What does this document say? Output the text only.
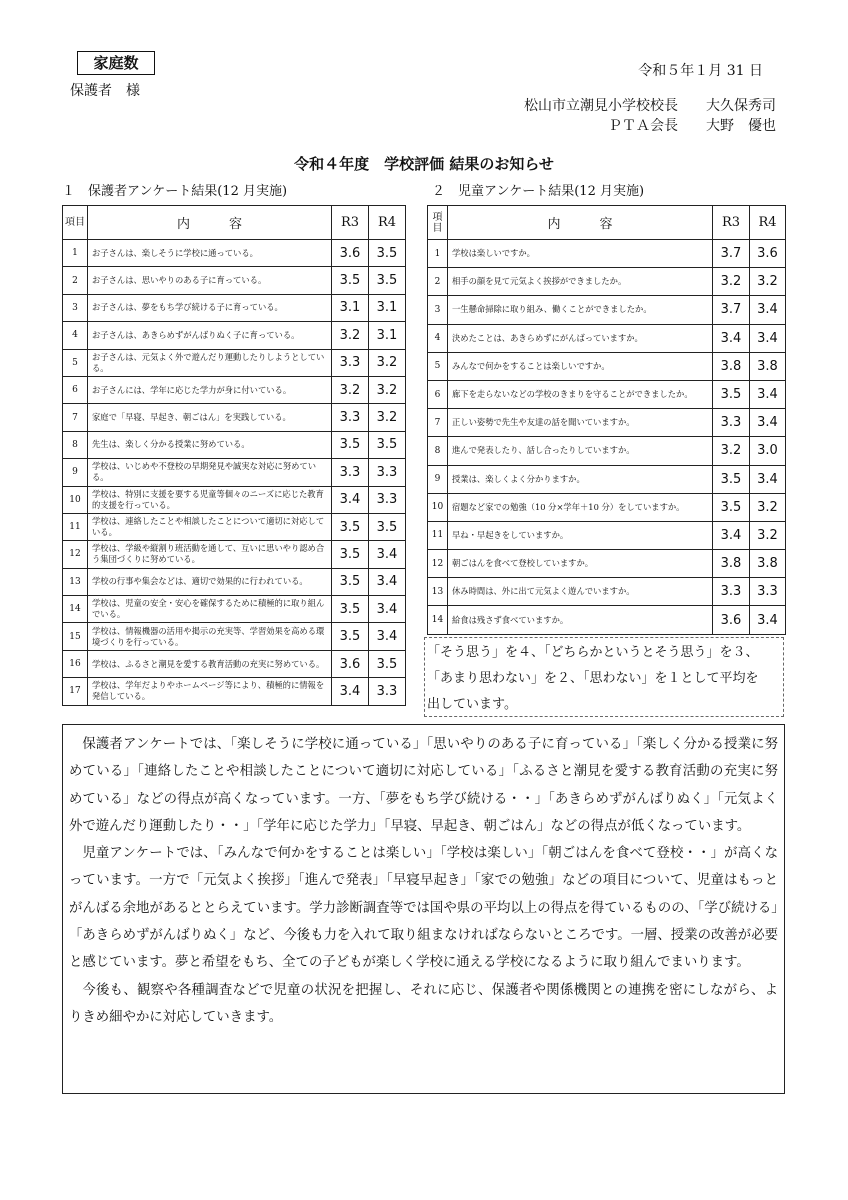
家庭数
保護者　様
令和５年１月 31 日
松山市立潮見小学校校長　　大久保秀司
ＰＴＡ会長　　大野　優也
令和４年度　学校評価 結果のお知らせ
１　保護者アンケート結果(12 月実施)	２　児童アンケート結果(12 月実施)
項目	内　　　容	R3	R4
1	お子さんは、楽しそうに学校に通っている。	3.6	3.5
2	お子さんは、思いやりのある子に育っている。	3.5	3.5
3	お子さんは、夢をもち学び続ける子に育っている。	3.1	3.1
4	お子さんは、あきらめずがんばりぬく子に育っている。	3.2	3.1
5	お子さんは、元気よく外で遊んだり運動したりしようとしている。	3.3	3.2
6	お子さんには、学年に応じた学力が身に付いている。	3.2	3.2
7	家庭で「早寝、早起き、朝ごはん」を実践している。	3.3	3.2
8	先生は、楽しく分かる授業に努めている。	3.5	3.5
9	学校は、いじめや不登校の早期発見や誠実な対応に努めている。	3.3	3.3
10	学校は、特別に支援を要する児童等個々のニーズに応じた教育的支援を行っている。	3.4	3.3
11	学校は、連絡したことや相談したことについて適切に対応している。	3.5	3.5
12	学校は、学級や縦割り班活動を通して、互いに思いやり認め合う集団づくりに努めている。	3.5	3.4
13	学校の行事や集会などは、適切で効果的に行われている。	3.5	3.4
14	学校は、児童の安全・安心を確保するために積極的に取り組んでいる。	3.5	3.4
15	学校は、情報機器の活用や掲示の充実等、学習効果を高める環境づくりを行っている。	3.5	3.4
16	学校は、ふるさと潮見を愛する教育活動の充実に努めている。	3.6	3.5
17	学校は、学年だよりやホームページ等により、積極的に情報を発信している。	3.4	3.3
項目	内　　　容	R3	R4
1	学校は楽しいですか。	3.7	3.6
2	相手の顔を見て元気よく挨拶ができましたか。	3.2	3.2
3	一生懸命掃除に取り組み、働くことができましたか。	3.7	3.4
4	決めたことは、あきらめずにがんばっていますか。	3.4	3.4
5	みんなで何かをすることは楽しいですか。	3.8	3.8
6	廊下を走らないなどの学校のきまりを守ることができましたか。	3.5	3.4
7	正しい姿勢で先生や友達の話を聞いていますか。	3.3	3.4
8	進んで発表したり、話し合ったりしていますか。	3.2	3.0
9	授業は、楽しくよく分かりますか。	3.5	3.4
10	宿題など家での勉強（10 分×学年＋10 分）をしていますか。	3.5	3.2
11	早ね・早起きをしていますか。	3.4	3.2
12	朝ごはんを食べて登校していますか。	3.8	3.8
13	休み時間は、外に出て元気よく遊んでいますか。	3.3	3.3
14	給食は残さず食べていますか。	3.6	3.4
「そう思う」を４、「どちらかというとそう思う」を３、
「あまり思わない」を２、「思わない」を１として平均を
出しています。

保護者アンケートでは、「楽しそうに学校に通っている」「思いやりのある子に育っている」「楽しく分かる授業に努めている」「連絡したことや相談したことについて適切に対応している」「ふるさと潮見を愛する教育活動の充実に努めている」などの得点が高くなっています。一方、「夢をもち学び続ける・・」「あきらめずがんばりぬく」「元気よく外で遊んだり運動したり・・」「学年に応じた学力」「早寝、早起き、朝ごはん」などの得点が低くなっています。

児童アンケートでは、「みんなで何かをすることは楽しい」「学校は楽しい」「朝ごはんを食べて登校・・」が高くなっています。一方で「元気よく挨拶」「進んで発表」「早寝早起き」「家での勉強」などの項目について、児童はもっとがんばる余地があるととらえています。学力診断調査等では国や県の平均以上の得点を得ているものの、「学び続ける」「あきらめずがんばりぬく」など、今後も力を入れて取り組まなければならないところです。一層、授業の改善が必要と感じています。夢と希望をもち、全ての子どもが楽しく学校に通える学校になるように取り組んでまいります。

今後も、観察や各種調査などで児童の状況を把握し、それに応じ、保護者や関係機関との連携を密にしながら、よりきめ細やかに対応していきます。
